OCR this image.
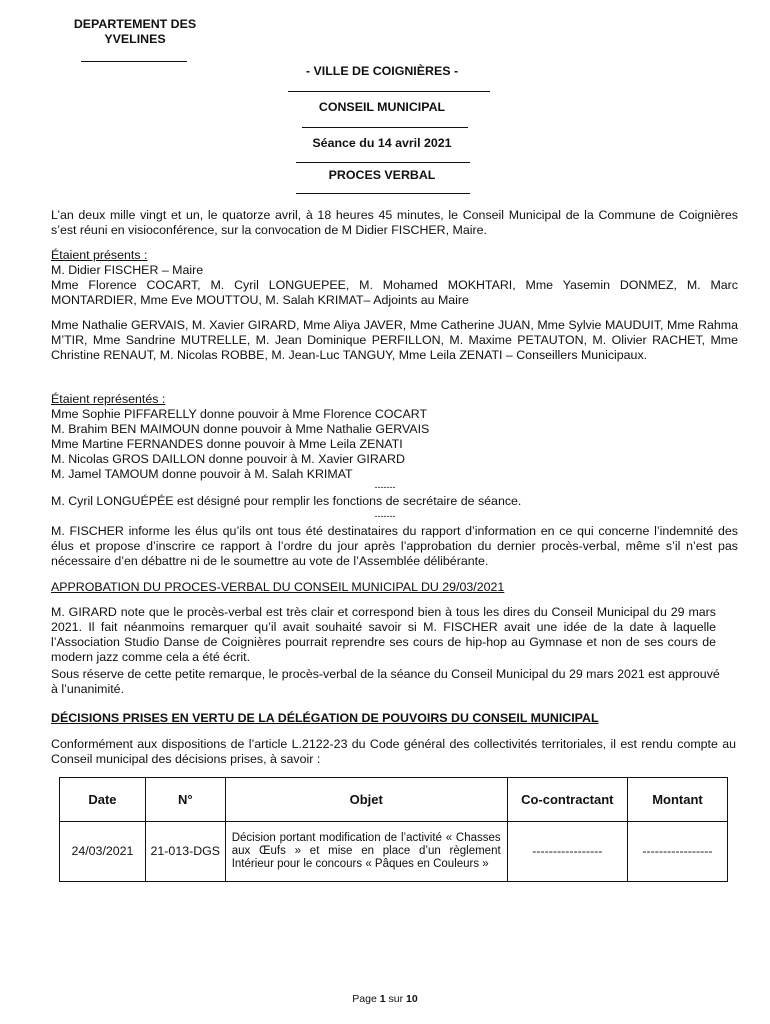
DEPARTEMENT DES
YVELINES
- VILLE DE COIGNIÈRES -
CONSEIL MUNICIPAL
Séance du 14 avril 2021
PROCES VERBAL
L’an deux mille vingt et un, le quatorze avril, à 18 heures 45 minutes, le Conseil Municipal de la Commune de Coignières s’est réuni en visioconférence, sur la convocation de M Didier FISCHER, Maire.
Étaient présents :
M. Didier FISCHER – Maire
Mme Florence COCART, M. Cyril LONGUEPEE, M. Mohamed MOKHTARI, Mme Yasemin DONMEZ, M. Marc MONTARDIER, Mme Eve MOUTTOU, M. Salah KRIMAT– Adjoints au Maire
Mme Nathalie GERVAIS, M. Xavier GIRARD, Mme Aliya JAVER, Mme Catherine JUAN, Mme Sylvie MAUDUIT, Mme Rahma M’TIR, Mme Sandrine MUTRELLE, M. Jean Dominique PERFILLON, M. Maxime PETAUTON, M. Olivier RACHET, Mme Christine RENAUT, M. Nicolas ROBBE, M. Jean-Luc TANGUY, Mme Leila ZENATI – Conseillers Municipaux.
Étaient représentés :
Mme Sophie PIFFARELLY donne pouvoir à Mme Florence COCART
M. Brahim BEN MAIMOUN donne pouvoir à Mme Nathalie GERVAIS
Mme Martine FERNANDES donne pouvoir à Mme Leila ZENATI
M. Nicolas GROS DAILLON donne pouvoir à M. Xavier GIRARD
M. Jamel TAMOUM donne pouvoir à M. Salah KRIMAT
-------
M. Cyril LONGUÉPÉE est désigné pour remplir les fonctions de secrétaire de séance.
-------
M. FISCHER informe les élus qu’ils ont tous été destinataires du rapport d’information en ce qui concerne l’indemnité des élus et propose d’inscrire ce rapport à l’ordre du jour après l’approbation du dernier procès-verbal, même s’il n’est pas nécessaire d’en débattre ni de le soumettre au vote de l’Assemblée délibérante.
APPROBATION DU PROCES-VERBAL DU CONSEIL MUNICIPAL DU 29/03/2021
M. GIRARD note que le procès-verbal est très clair et correspond bien à tous les dires du Conseil Municipal du 29 mars 2021. Il fait néanmoins remarquer qu’il avait souhaité savoir si M. FISCHER avait une idée de la date à laquelle l’Association Studio Danse de Coignières pourrait reprendre ses cours de hip-hop au Gymnase et non de ses cours de modern jazz comme cela a été écrit.
Sous réserve de cette petite remarque, le procès-verbal de la séance du Conseil Municipal du 29 mars 2021 est approuvé à l’unanimité.
DÉCISIONS PRISES EN VERTU DE LA DÉLÉGATION DE POUVOIRS DU CONSEIL MUNICIPAL
Conformément aux dispositions de l’article L.2122-23 du Code général des collectivités territoriales, il est rendu compte au Conseil municipal des décisions prises, à savoir :
Date	N°	Objet	Co-contractant	Montant
24/03/2021	21-013-DGS	Décision portant modification de l’activité « Chasses aux Œufs » et mise en place d’un règlement Intérieur pour le concours « Pâques en Couleurs »	-----------------	-----------------
Page 1 sur 10
